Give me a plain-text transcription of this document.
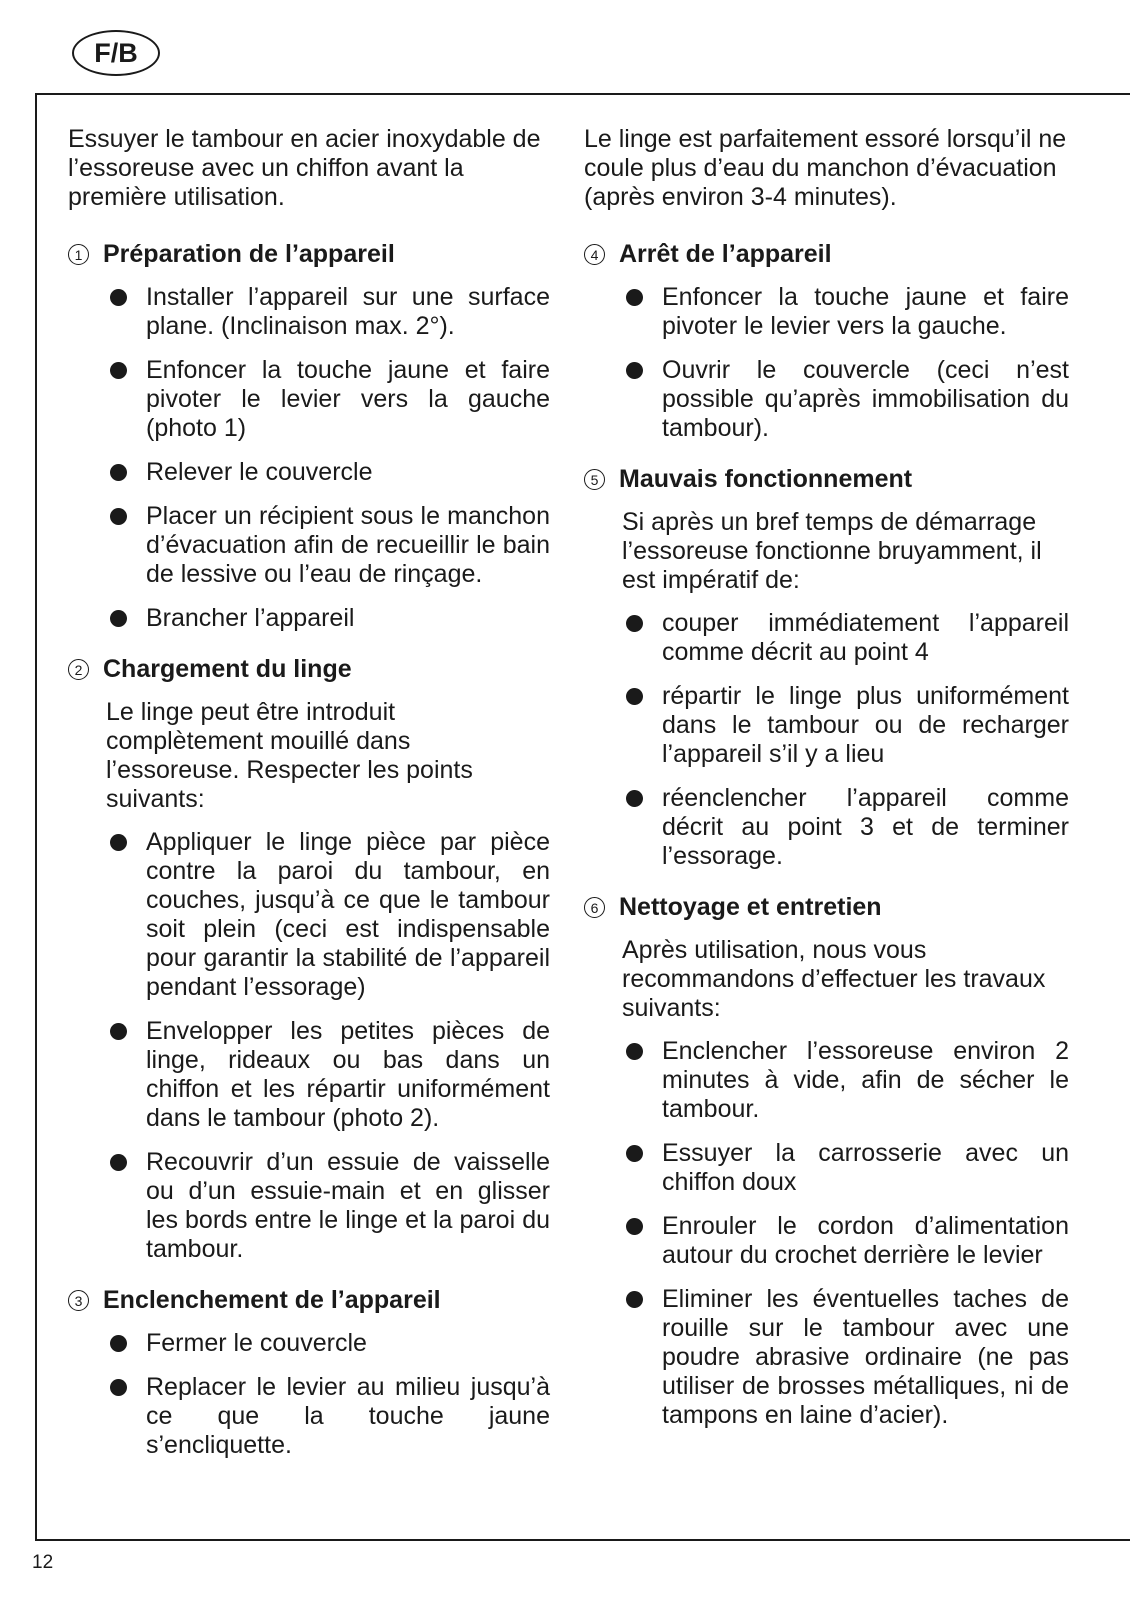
F/B

Essuyer le tambour en acier inoxydable de l’essoreuse avec un chiffon avant la première utilisation.

1 Préparation de l’appareil
Installer l’appareil sur une surface plane. (Inclinaison max. 2°).
Enfoncer la touche jaune et faire pivoter le levier vers la gauche (photo 1)
Relever le couvercle
Placer un récipient sous le manchon d’évacuation afin de recueillir le bain de lessive ou l’eau de rinçage.
Brancher l’appareil
2 Chargement du linge

Le linge peut être introduit complètement mouillé dans l’essoreuse. Respecter les points suivants:

Appliquer le linge pièce par pièce contre la paroi du tambour, en couches, jusqu’à ce que le tambour soit plein (ceci est indispensable pour garantir la stabilité de l’appareil pendant l’essorage)
Envelopper les petites pièces de linge, rideaux ou bas dans un chiffon et les répartir uniformément dans le tambour (photo 2).
Recouvrir d’un essuie de vaisselle ou d’un essuie-main et en glisser les bords entre le linge et la paroi du tambour.
3 Enclenchement de l’appareil
Fermer le couvercle
Replacer le levier au milieu jusqu’à ce que la touche jaune s’encliquette.

Le linge est parfaitement essoré lorsqu’il ne coule plus d’eau du manchon d’évacuation (après environ 3-4 minutes).

4 Arrêt de l’appareil
Enfoncer la touche jaune et faire pivoter le levier vers la gauche.
Ouvrir le couvercle (ceci n’est possible qu’après immobilisation du tambour).
5 Mauvais fonctionnement

Si après un bref temps de démarrage l’essoreuse fonctionne bruyamment, il est impératif de:

couper immédiatement l’appareil comme décrit au point 4
répartir le linge plus uniformément dans le tambour ou de recharger l’appareil s’il y a lieu
réenclencher l’appareil comme décrit au point 3 et de terminer l’essorage.
6 Nettoyage et entretien

Après utilisation, nous vous recommandons d’effectuer les travaux suivants:

Enclencher l’essoreuse environ 2 minutes à vide, afin de sécher le tambour.
Essuyer la carrosserie avec un chiffon doux
Enrouler le cordon d’alimentation autour du crochet derrière le levier
Eliminer les éventuelles taches de rouille sur le tambour avec une poudre abrasive ordinaire (ne pas utiliser de brosses métalliques, ni de tampons en laine d’acier).
12
